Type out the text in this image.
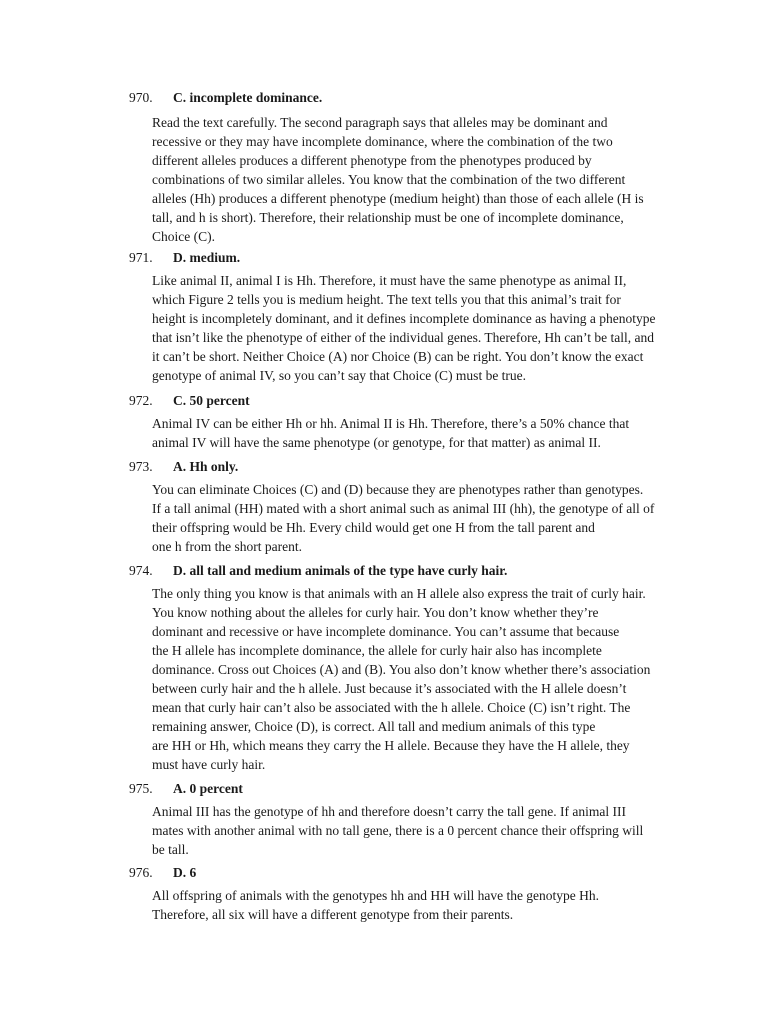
970. C. incomplete dominance.
Read the text carefully. The second paragraph says that alleles may be dominant and
recessive or they may have incomplete dominance, where the combination of the two
different alleles produces a different phenotype from the phenotypes produced by
combinations of two similar alleles. You know that the combination of the two different
alleles (Hh) produces a different phenotype (medium height) than those of each allele (H is
tall, and h is short). Therefore, their relationship must be one of incomplete dominance,
Choice (C).
971. D. medium.
Like animal II, animal I is Hh. Therefore, it must have the same phenotype as animal II,
which Figure 2 tells you is medium height. The text tells you that this animal’s trait for
height is incompletely dominant, and it defines incomplete dominance as having a phenotype
that isn’t like the phenotype of either of the individual genes. Therefore, Hh can’t be tall, and
it can’t be short. Neither Choice (A) nor Choice (B) can be right. You don’t know the exact
genotype of animal IV, so you can’t say that Choice (C) must be true.
972. C. 50 percent
Animal IV can be either Hh or hh. Animal II is Hh. Therefore, there’s a 50% chance that
animal IV will have the same phenotype (or genotype, for that matter) as animal II.
973. A. Hh only.
You can eliminate Choices (C) and (D) because they are phenotypes rather than genotypes.
If a tall animal (HH) mated with a short animal such as animal III (hh), the genotype of all of
their offspring would be Hh. Every child would get one H from the tall parent and
one h from the short parent.
974. D. all tall and medium animals of the type have curly hair.
The only thing you know is that animals with an H allele also express the trait of curly hair.
You know nothing about the alleles for curly hair. You don’t know whether they’re
dominant and recessive or have incomplete dominance. You can’t assume that because
the H allele has incomplete dominance, the allele for curly hair also has incomplete
dominance. Cross out Choices (A) and (B). You also don’t know whether there’s association
between curly hair and the h allele. Just because it’s associated with the H allele doesn’t
mean that curly hair can’t also be associated with the h allele. Choice (C) isn’t right. The
remaining answer, Choice (D), is correct. All tall and medium animals of this type
are HH or Hh, which means they carry the H allele. Because they have the H allele, they
must have curly hair.
975. A. 0 percent
Animal III has the genotype of hh and therefore doesn’t carry the tall gene. If animal III
mates with another animal with no tall gene, there is a 0 percent chance their offspring will
be tall.
976. D. 6
All offspring of animals with the genotypes hh and HH will have the genotype Hh.
Therefore, all six will have a different genotype from their parents.
